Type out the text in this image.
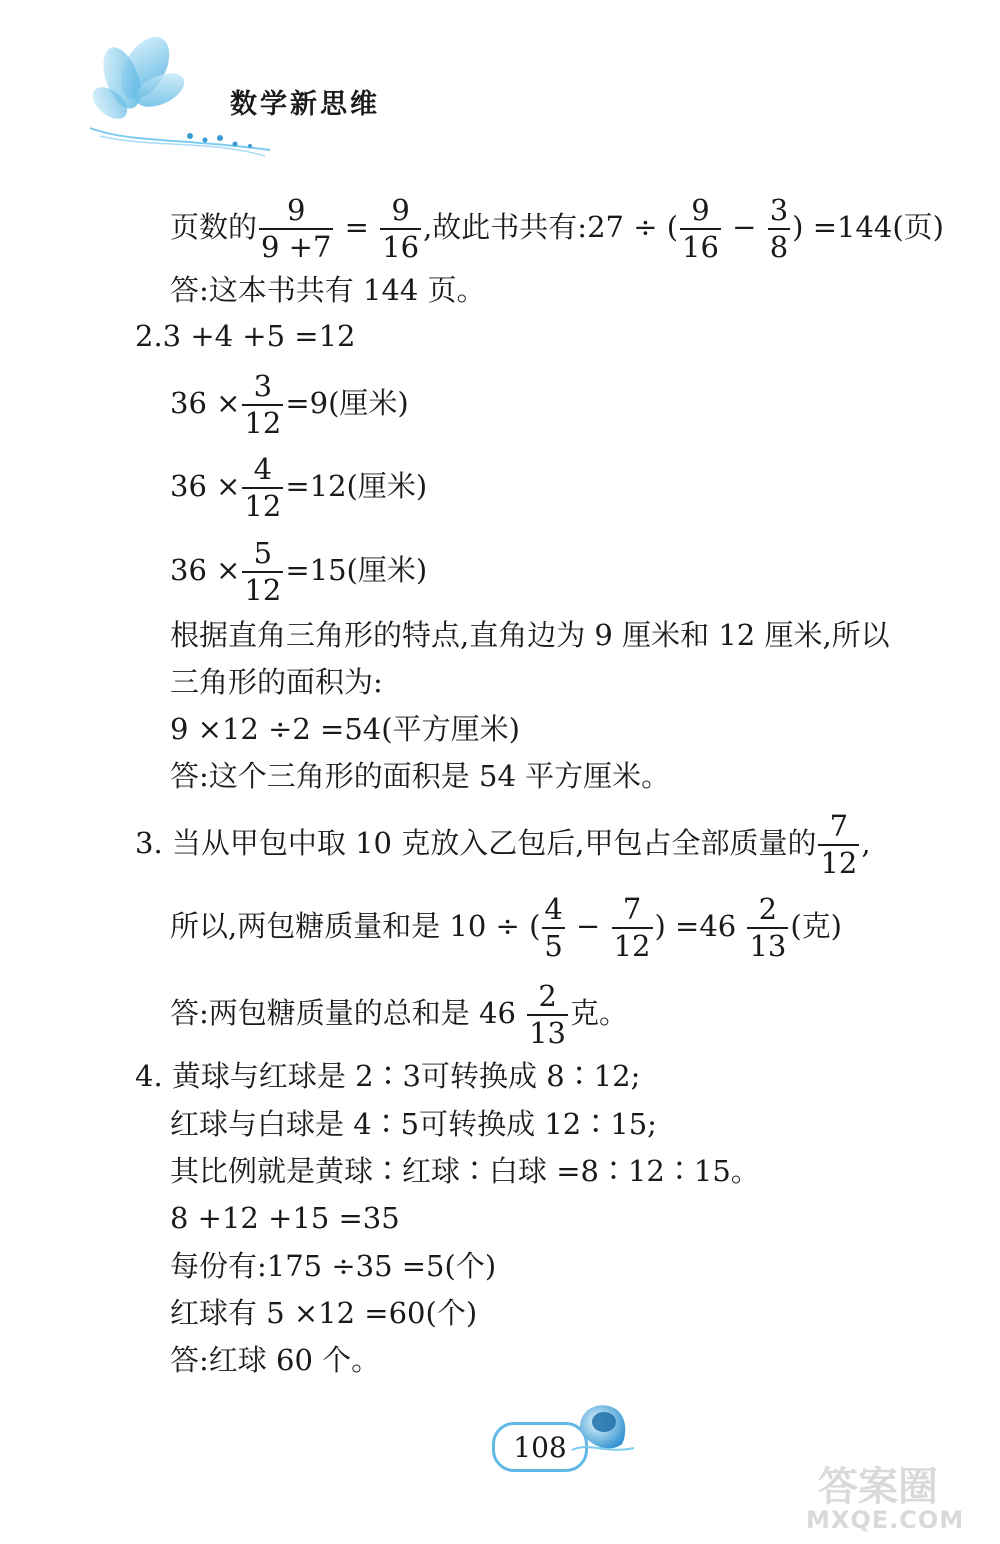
数学新思维
页数的 $\frac{9}{9 +7} = \frac{9}{16}$ ,故此书共有:27 ÷ ( $\frac{9}{16} - \frac{3}{8}$ ) =144(页)
答:这本书共有 144 页。
2.3 +4 +5 =12
$36 \times \frac{3}{12} =9$(厘米)
$36 \times \frac{4}{12} =12$(厘米)
$36 \times \frac{5}{12} =15$(厘米)
根据直角三角形的特点,直角边为 9 厘米和 12 厘米,所以
三角形的面积为:
9 ×12 ÷2 =54(平方厘米)
答:这个三角形的面积是 54 平方厘米。
3. 当从甲包中取 10 克放入乙包后,甲包占全部质量的 $\frac{7}{12}$ ,
所以,两包糖质量和是 10 ÷ ( $\frac{4}{5} - \frac{7}{12}$ ) $=46 \frac{2}{13}$ (克)
答:两包糖质量的总和是 $46 \frac{2}{13}$ 克。
4. 黄球与红球是 2∶3可转换成 8∶12;
红球与白球是 4∶5可转换成 12∶15;
其比例就是黄球∶红球∶白球 =8∶12∶15。
8 +12 +15 =35
每份有:175 ÷35 =5(个)
红球有 5 ×12 =60(个)
答:红球 60 个。
108
答案圈
MXQE.COM
